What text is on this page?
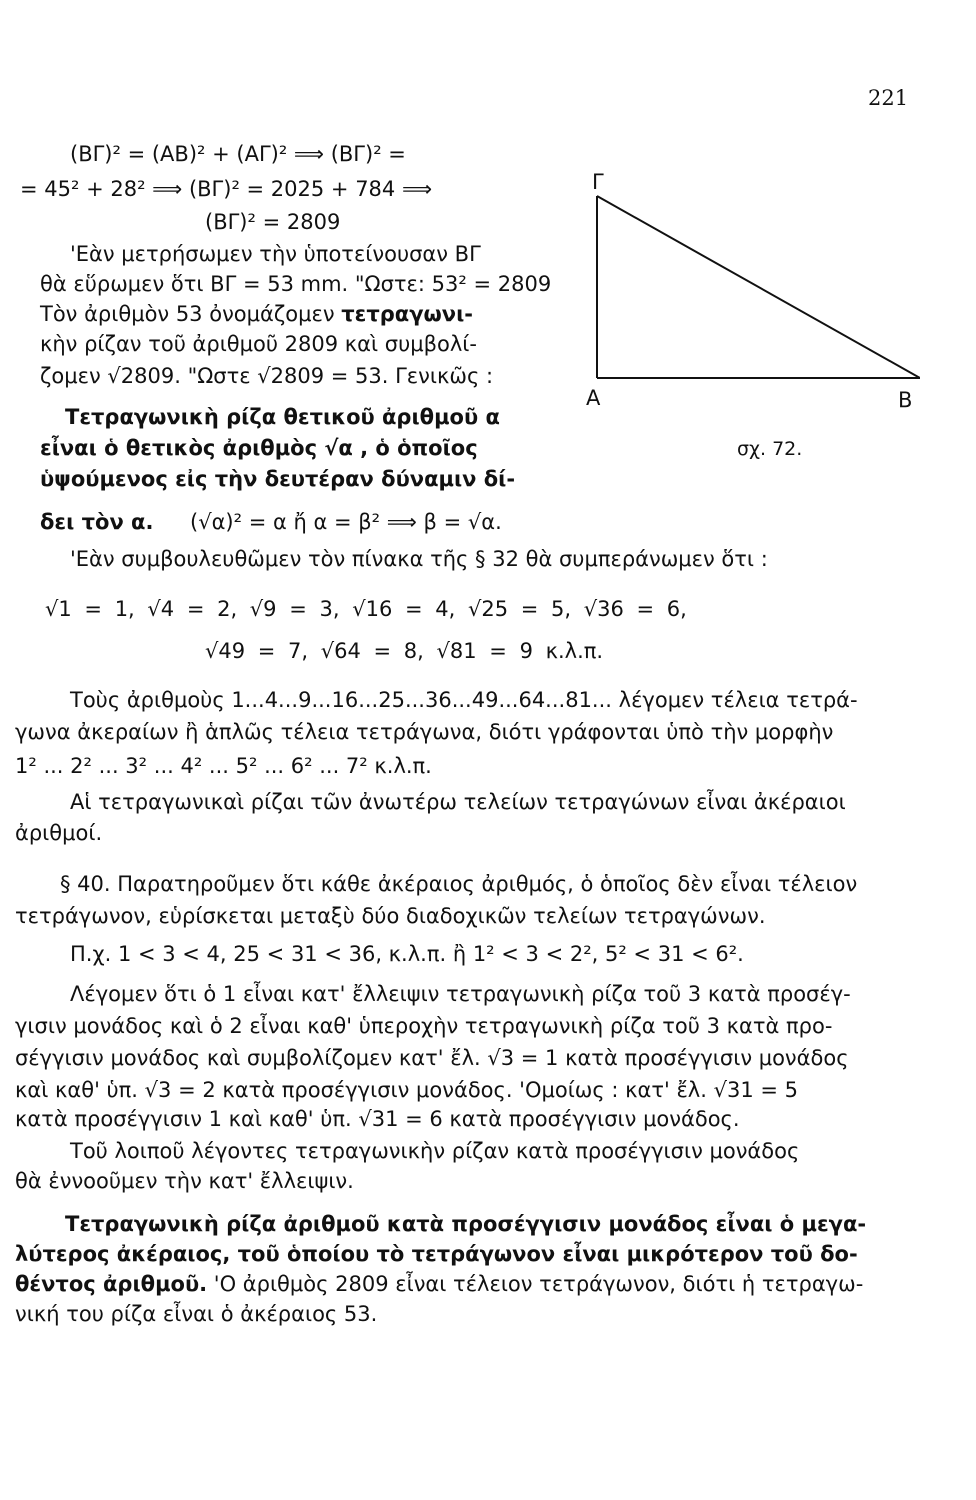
221
(ΒΓ)² = (ΑΒ)² + (ΑΓ)² ⟹ (ΒΓ)² =
= 45² + 28² ⟹ (ΒΓ)² = 2025 + 784 ⟹
(ΒΓ)² = 2809
'Εὰν μετρήσωμεν τὴν ὑποτείνουσαν ΒΓ
θὰ εὕρωμεν ὅτι ΒΓ = 53 mm. "Ωστε: 53² = 2809
Τὸν ἀριθμὸν 53 ὀνομάζομεν τετραγωνι-
κὴν ρίζαν τοῦ ἀριθμοῦ 2809 καὶ συμβολί-
ζομεν √2809. "Ωστε √2809 = 53. Γενικῶς :
Τετραγωνικὴ ρίζα θετικοῦ ἀριθμοῦ α
εἶναι ὁ θετικὸς ἀριθμὸς √α , ὁ ὁποῖος
ὑψούμενος εἰς τὴν δευτέραν δύναμιν δί-
δει τὸν α. (√α)² = α ἤ α = β² ⟹ β = √α.
Γ
Α	Β
σχ. 72.
'Εὰν συμβουλευθῶμεν τὸν πίνακα τῆς § 32 θὰ συμπεράνωμεν ὅτι :
√1 = 1, √4 = 2, √9 = 3, √16 = 4, √25 = 5, √36 = 6,
√49 = 7, √64 = 8, √81 = 9 κ.λ.π.
Τοὺς ἀριθμοὺς 1...4...9...16...25...36...49...64...81... λέγομεν τέλεια τετρά-
γωνα ἀκεραίων ἢ ἁπλῶς τέλεια τετράγωνα, διότι γράφονται ὑπὸ τὴν μορφὴν
1² ... 2² ... 3² ... 4² ... 5² ... 6² ... 7² κ.λ.π.
Αἱ τετραγωνικαὶ ρίζαι τῶν ἀνωτέρω τελείων τετραγώνων εἶναι ἀκέραιοι
ἀριθμοί.
§ 40. Παρατηροῦμεν ὅτι κάθε ἀκέραιος ἀριθμός, ὁ ὁποῖος δὲν εἶναι τέλειον
τετράγωνον, εὑρίσκεται μεταξὺ δύο διαδοχικῶν τελείων τετραγώνων.
Π.χ. 1 < 3 < 4, 25 < 31 < 36, κ.λ.π. ἢ 1² < 3 < 2², 5² < 31 < 6².
Λέγομεν ὅτι ὁ 1 εἶναι κατ' ἔλλειψιν τετραγωνικὴ ρίζα τοῦ 3 κατὰ προσέγ-
γισιν μονάδος καὶ ὁ 2 εἶναι καθ' ὑπεροχὴν τετραγωνικὴ ρίζα τοῦ 3 κατὰ προ-
σέγγισιν μονάδος καὶ συμβολίζομεν κατ' ἔλ. √3 = 1 κατὰ προσέγγισιν μονάδος
καὶ καθ' ὑπ. √3 = 2 κατὰ προσέγγισιν μονάδος. 'Ομοίως : κατ' ἔλ. √31 = 5
κατὰ προσέγγισιν 1 καὶ καθ' ὑπ. √31 = 6 κατὰ προσέγγισιν μονάδος.
Τοῦ λοιποῦ λέγοντες τετραγωνικὴν ρίζαν κατὰ προσέγγισιν μονάδος
θὰ ἐννοοῦμεν τὴν κατ' ἔλλειψιν.
Τετραγωνικὴ ρίζα ἀριθμοῦ κατὰ προσέγγισιν μονάδος εἶναι ὁ μεγα-
λύτερος ἀκέραιος, τοῦ ὁποίου τὸ τετράγωνον εἶναι μικρότερον τοῦ δο-
θέντος ἀριθμοῦ. 'Ο ἀριθμὸς 2809 εἶναι τέλειον τετράγωνον, διότι ἡ τετραγω-
νική του ρίζα εἶναι ὁ ἀκέραιος 53.
